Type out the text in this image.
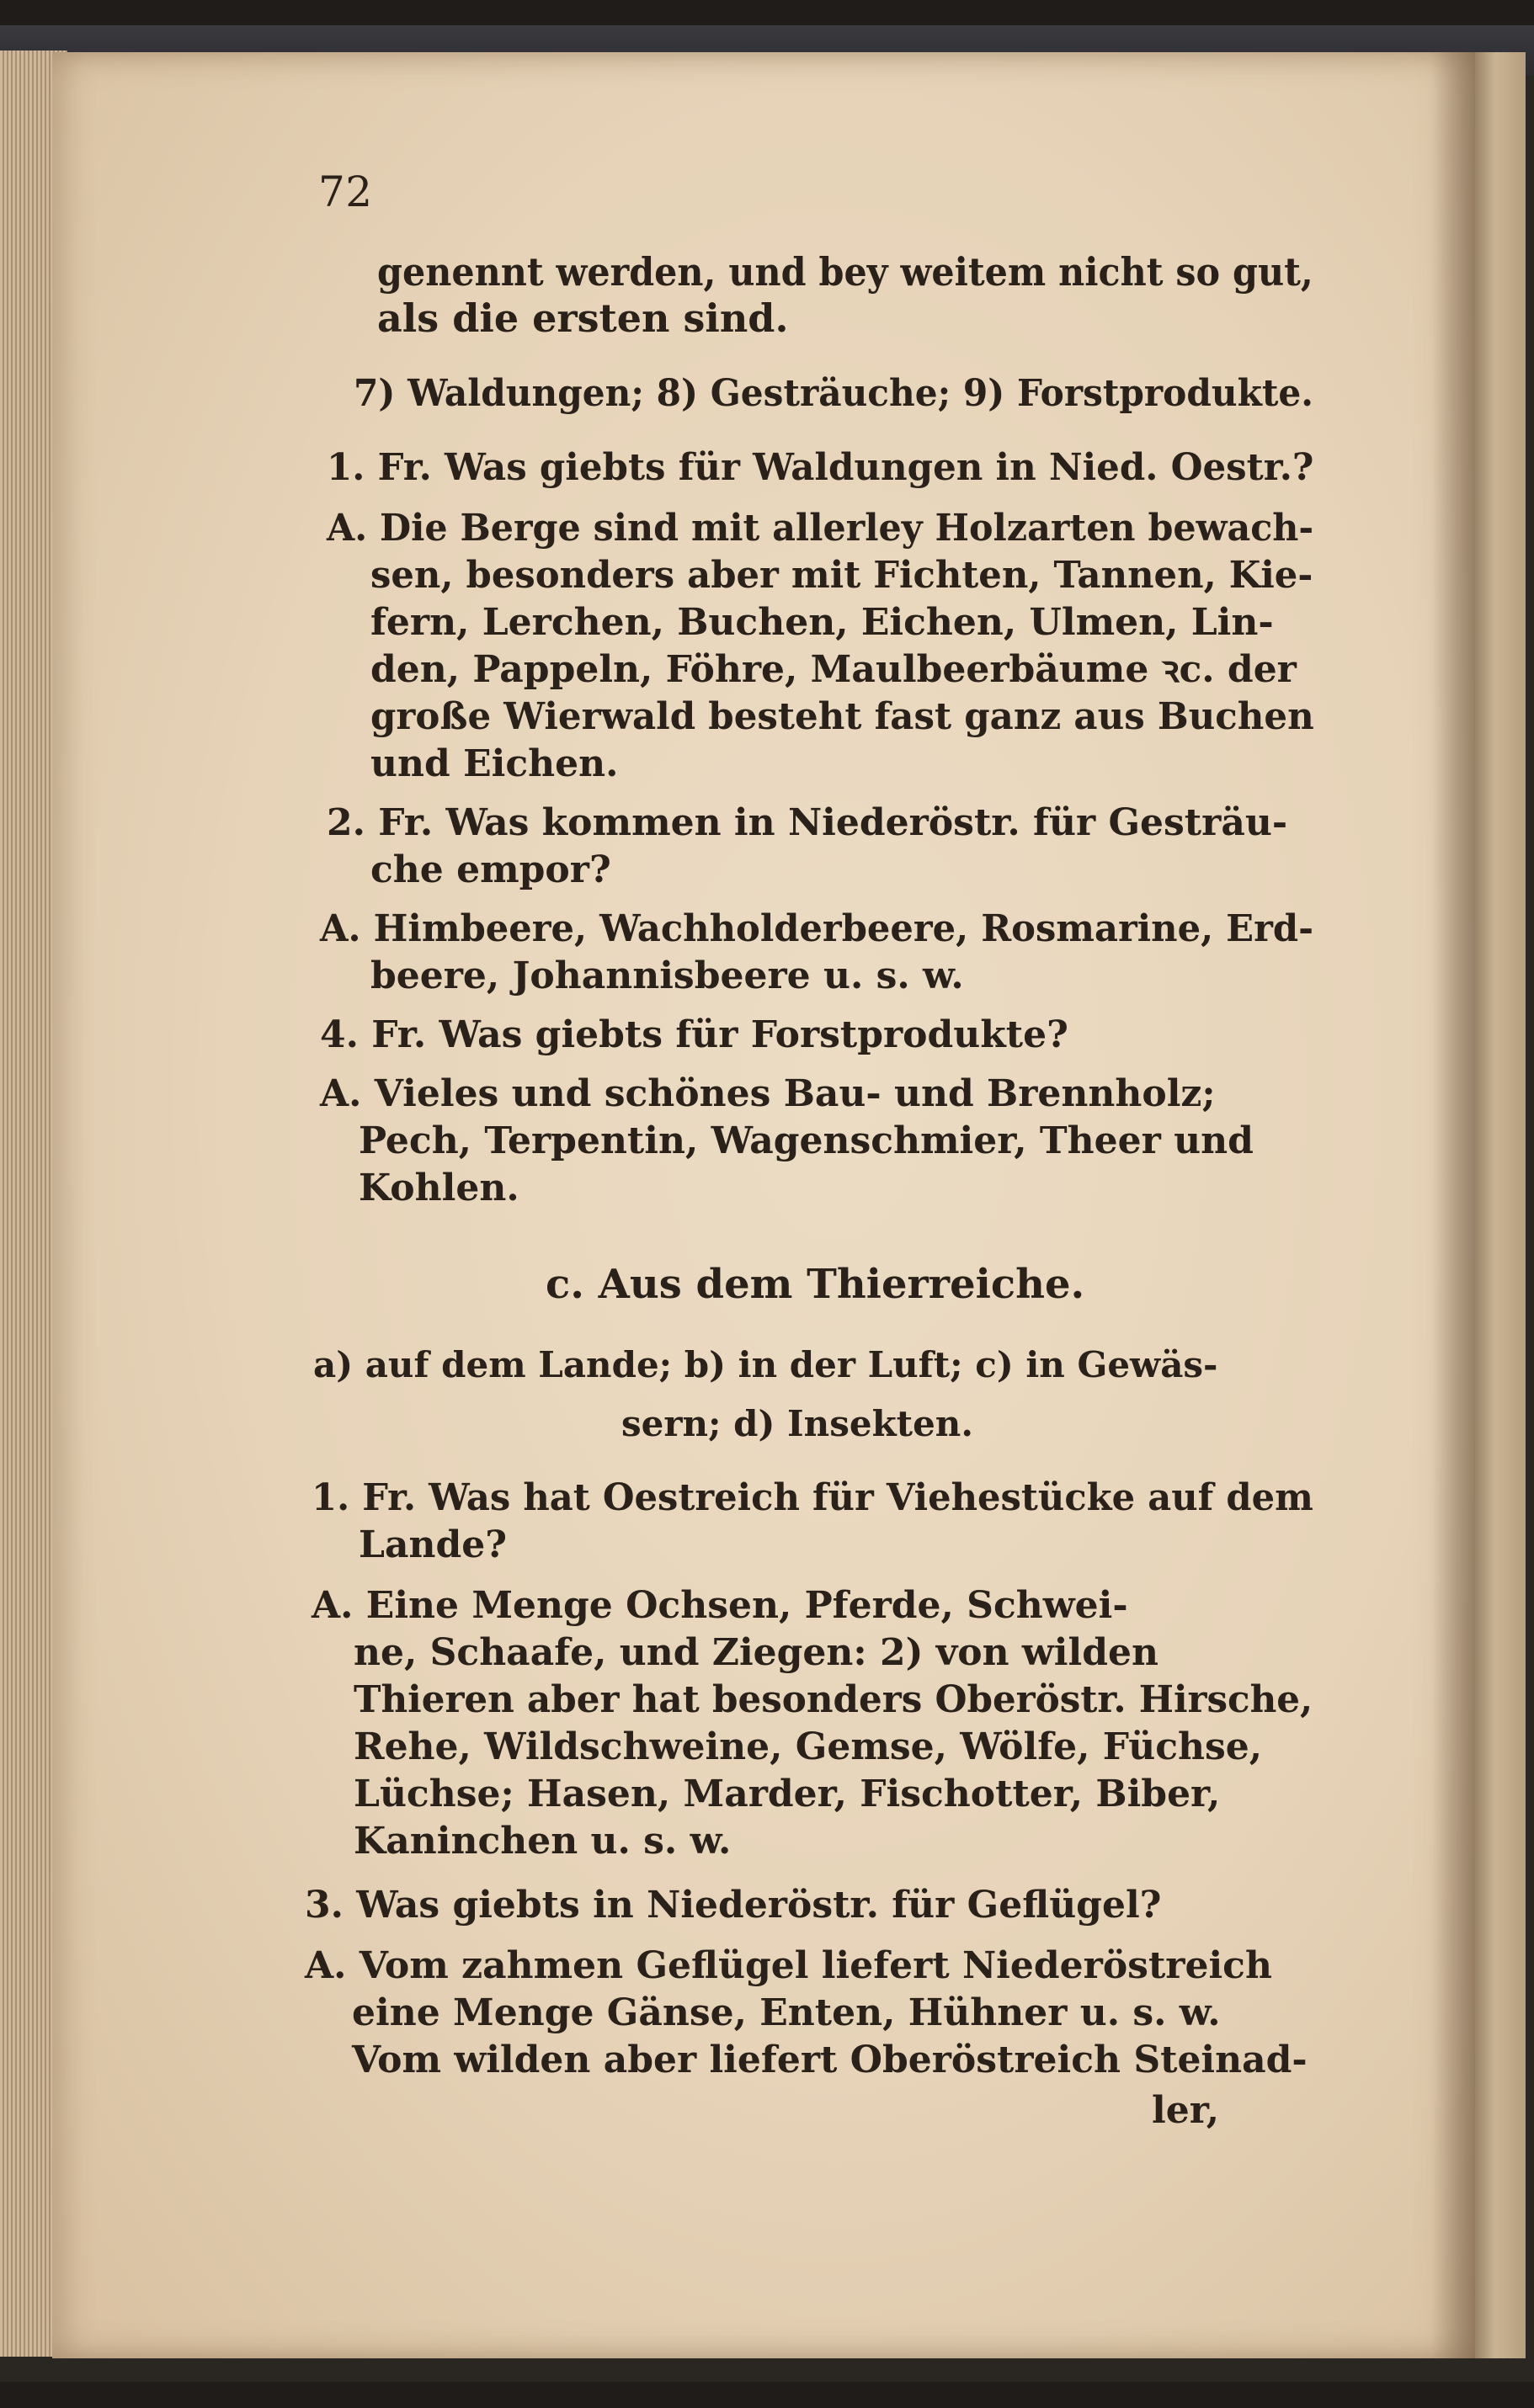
72
genennt werden, und bey weitem nicht so gut,
als die ersten sind.
7) Waldungen; 8) Gesträuche; 9) Forstprodukte.
1. Fr. Was giebts für Waldungen in Nied. Oestr.?
A. Die Berge sind mit allerley Holzarten bewach-
sen, besonders aber mit Fichten, Tannen, Kie-
fern, Lerchen, Buchen, Eichen, Ulmen, Lin-
den, Pappeln, Föhre, Maulbeerbäume ꝛc. der
große Wierwald besteht fast ganz aus Buchen
und Eichen.
2. Fr. Was kommen in Niederöstr. für Gesträu-
che empor?
A. Himbeere, Wachholderbeere, Rosmarine, Erd-
beere, Johannisbeere u. s. w.
4. Fr. Was giebts für Forstprodukte?
A. Vieles und schönes Bau- und Brennholz;
Pech, Terpentin, Wagenschmier, Theer und
Kohlen.
c. Aus dem Thierreiche.
a) auf dem Lande; b) in der Luft; c) in Gewäs-
sern; d) Insekten.
1. Fr. Was hat Oestreich für Viehestücke auf dem
Lande?
A. Eine Menge Ochsen, Pferde, Schwei-
ne, Schaafe, und Ziegen: 2) von wilden
Thieren aber hat besonders Oberöstr. Hirsche,
Rehe, Wildschweine, Gemse, Wölfe, Füchse,
Lüchse; Hasen, Marder, Fischotter, Biber,
Kaninchen u. s. w.
3. Was giebts in Niederöstr. für Geflügel?
A. Vom zahmen Geflügel liefert Niederöstreich
eine Menge Gänse, Enten, Hühner u. s. w.
Vom wilden aber liefert Oberöstreich Steinad-
ler,
